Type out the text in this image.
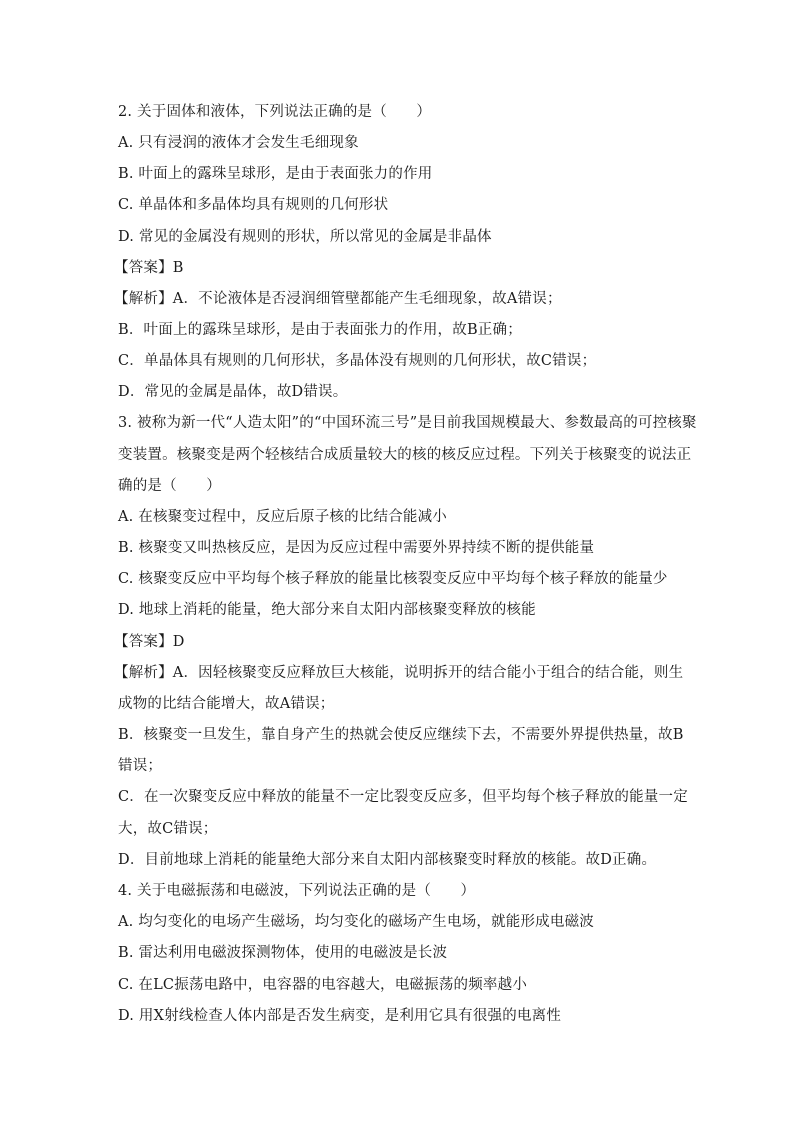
2. 关于固体和液体，下列说法正确的是（　　）
A. 只有浸润的液体才会发生毛细现象
B. 叶面上的露珠呈球形，是由于表面张力的作用
C. 单晶体和多晶体均具有规则的几何形状
D. 常见的金属没有规则的形状，所以常见的金属是非晶体
【答案】B
【解析】A．不论液体是否浸润细管壁都能产生毛细现象，故A错误；
B．叶面上的露珠呈球形，是由于表面张力的作用，故B正确；
C．单晶体具有规则的几何形状，多晶体没有规则的几何形状，故C错误；
D．常见的金属是晶体，故D错误。
3. 被称为新一代“人造太阳”的“中国环流三号”是目前我国规模最大、参数最高的可控核聚
变装置。核聚变是两个轻核结合成质量较大的核的核反应过程。下列关于核聚变的说法正
确的是（　　）
A. 在核聚变过程中，反应后原子核的比结合能减小
B. 核聚变又叫热核反应，是因为反应过程中需要外界持续不断的提供能量
C. 核聚变反应中平均每个核子释放的能量比核裂变反应中平均每个核子释放的能量少
D. 地球上消耗的能量，绝大部分来自太阳内部核聚变释放的核能
【答案】D
【解析】A．因轻核聚变反应释放巨大核能，说明拆开的结合能小于组合的结合能，则生
成物的比结合能增大，故A错误；
B．核聚变一旦发生，靠自身产生的热就会使反应继续下去，不需要外界提供热量，故B
错误；
C．在一次聚变反应中释放的能量不一定比裂变反应多，但平均每个核子释放的能量一定
大，故C错误；
D．目前地球上消耗的能量绝大部分来自太阳内部核聚变时释放的核能。故D正确。
4. 关于电磁振荡和电磁波，下列说法正确的是（　　）
A. 均匀变化的电场产生磁场，均匀变化的磁场产生电场，就能形成电磁波
B. 雷达利用电磁波探测物体，使用的电磁波是长波
C. 在LC振荡电路中，电容器的电容越大，电磁振荡的频率越小
D. 用X射线检查人体内部是否发生病变，是利用它具有很强的电离性
